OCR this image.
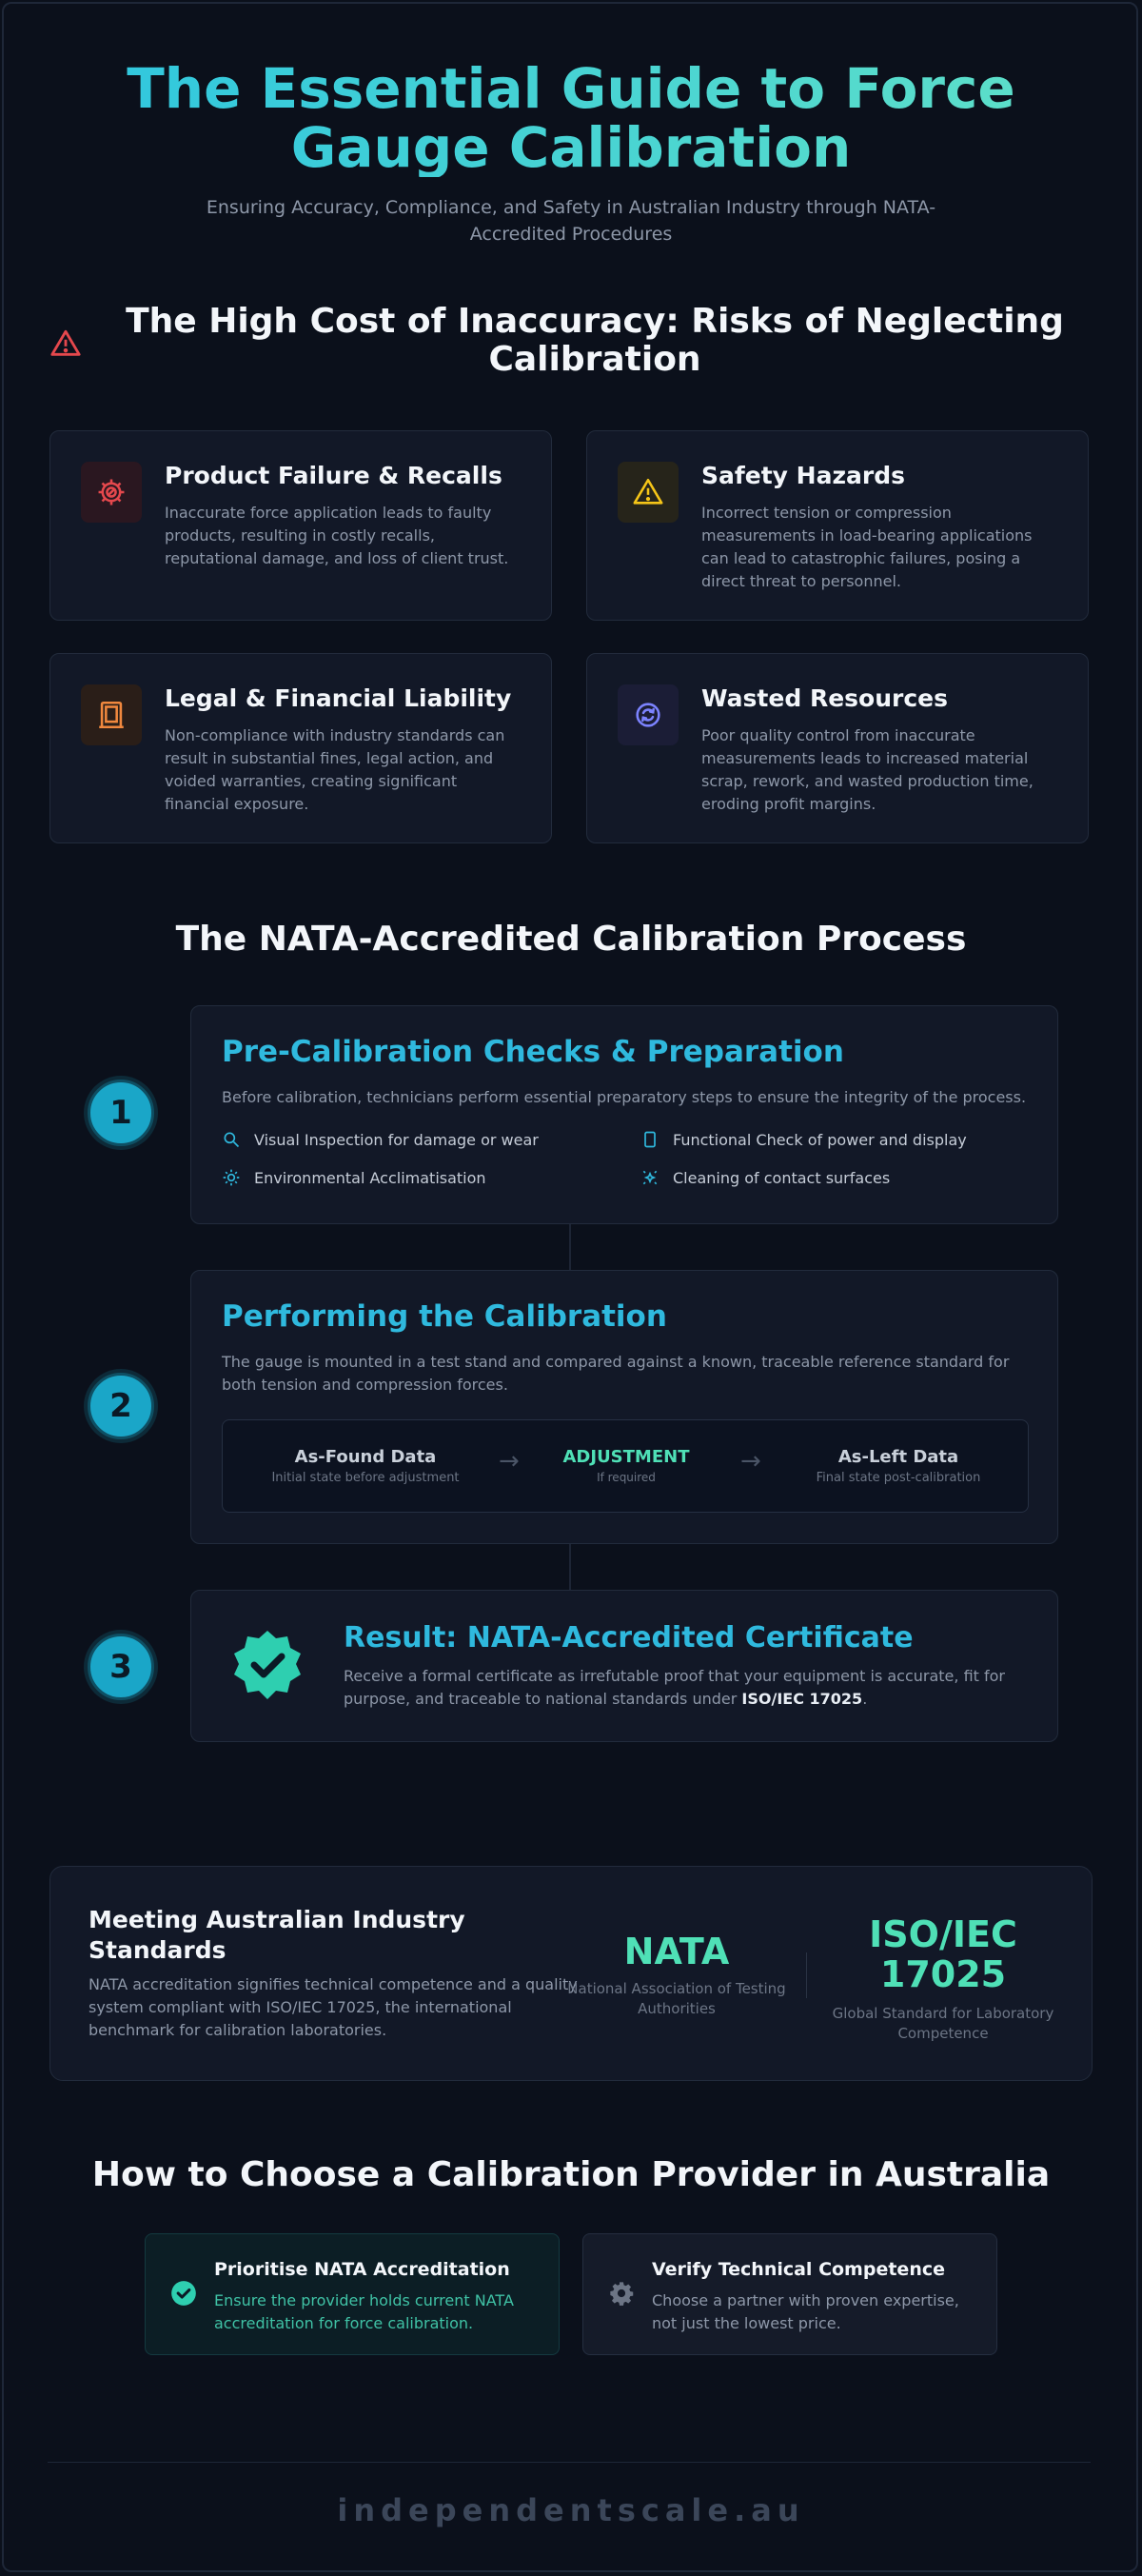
The Essential Guide to Force Gauge Calibration
Ensuring Accuracy, Compliance, and Safety in Australian Industry through NATA-Accredited Procedures
The High Cost of Inaccuracy: Risks of Neglecting Calibration
Product Failure & Recalls
Inaccurate force application leads to faulty products, resulting in costly recalls, reputational damage, and loss of client trust.
Safety Hazards
Incorrect tension or compression measurements in load-bearing applications can lead to catastrophic failures, posing a direct threat to personnel.
Legal & Financial Liability
Non-compliance with industry standards can result in substantial fines, legal action, and voided warranties, creating significant financial exposure.
Wasted Resources
Poor quality control from inaccurate measurements leads to increased material scrap, rework, and wasted production time, eroding profit margins.
The NATA-Accredited Calibration Process
1
Pre-Calibration Checks & Preparation
Before calibration, technicians perform essential preparatory steps to ensure the integrity of the process.
Visual Inspection for damage or wear	Functional Check of power and display
Environmental Acclimatisation	Cleaning of contact surfaces
2
Performing the Calibration
The gauge is mounted in a test stand and compared against a known, traceable reference standard for both tension and compression forces.
As-Found Data
Initial state before adjustment
→	ADJUSTMENT
If required
→	As-Left Data
Final state post-calibration
3
Result: NATA-Accredited Certificate
Receive a formal certificate as irrefutable proof that your equipment is accurate, fit for purpose, and traceable to national standards under ISO/IEC 17025.
Meeting Australian Industry Standards
NATA accreditation signifies technical competence and a quality system compliant with ISO/IEC 17025, the international benchmark for calibration laboratories.
NATA
National Association of Testing Authorities
ISO/IEC 17025
Global Standard for Laboratory Competence
How to Choose a Calibration Provider in Australia
Prioritise NATA Accreditation
Ensure the provider holds current NATA accreditation for force calibration.
Verify Technical Competence
Choose a partner with proven expertise, not just the lowest price.
independentscale.au
